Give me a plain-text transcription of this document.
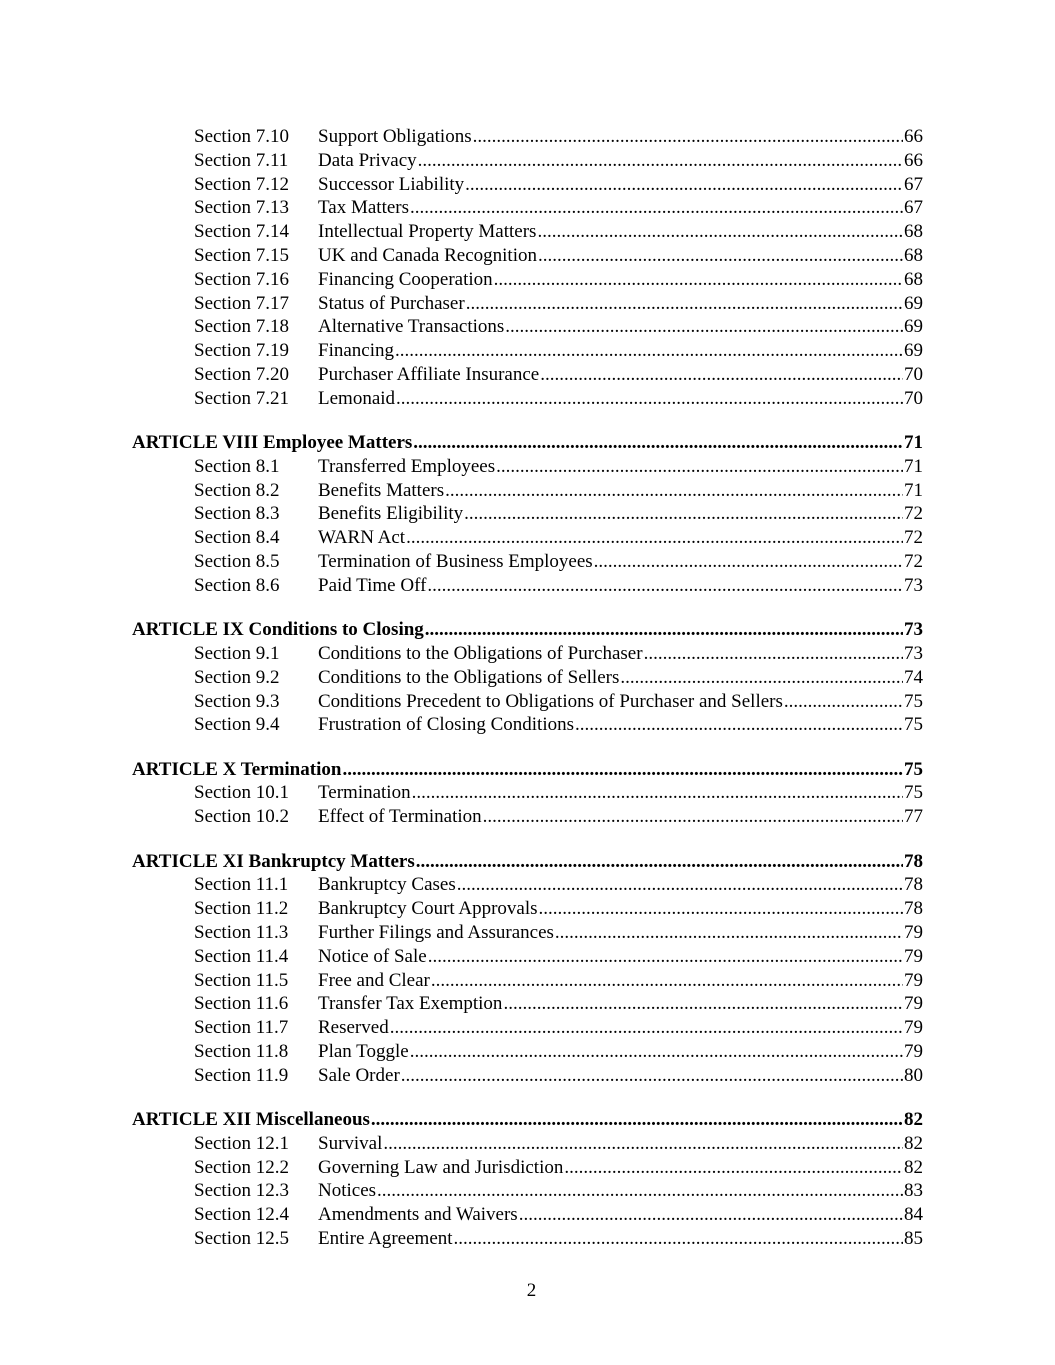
Section 7.10 Support Obligations .....	66
Section 7.11 Data Privacy .....	66
Section 7.12 Successor Liability .....	67
Section 7.13 Tax Matters .....	67
Section 7.14 Intellectual Property Matters .....	68
Section 7.15 UK and Canada Recognition .....	68
Section 7.16 Financing Cooperation .....	68
Section 7.17 Status of Purchaser .....	69
Section 7.18 Alternative Transactions .....	69
Section 7.19 Financing .....	69
Section 7.20 Purchaser Affiliate Insurance .....	70
Section 7.21 Lemonaid .....	70
ARTICLE VIII Employee Matters .....	71
Section 8.1 Transferred Employees .....	71
Section 8.2 Benefits Matters .....	71
Section 8.3 Benefits Eligibility .....	72
Section 8.4 WARN Act .....	72
Section 8.5 Termination of Business Employees .....	72
Section 8.6 Paid Time Off .....	73
ARTICLE IX Conditions to Closing .....	73
Section 9.1 Conditions to the Obligations of Purchaser .....	73
Section 9.2 Conditions to the Obligations of Sellers .....	74
Section 9.3 Conditions Precedent to Obligations of Purchaser and Sellers .....	75
Section 9.4 Frustration of Closing Conditions .....	75
ARTICLE X Termination .....	75
Section 10.1 Termination .....	75
Section 10.2 Effect of Termination .....	77
ARTICLE XI Bankruptcy Matters .....	78
Section 11.1 Bankruptcy Cases .....	78
Section 11.2 Bankruptcy Court Approvals .....	78
Section 11.3 Further Filings and Assurances .....	79
Section 11.4 Notice of Sale .....	79
Section 11.5 Free and Clear .....	79
Section 11.6 Transfer Tax Exemption .....	79
Section 11.7 Reserved .....	79
Section 11.8 Plan Toggle .....	79
Section 11.9 Sale Order .....	80
ARTICLE XII Miscellaneous .....	82
Section 12.1 Survival .....	82
Section 12.2 Governing Law and Jurisdiction .....	82
Section 12.3 Notices .....	83
Section 12.4 Amendments and Waivers .....	84
Section 12.5 Entire Agreement .....	85
2
